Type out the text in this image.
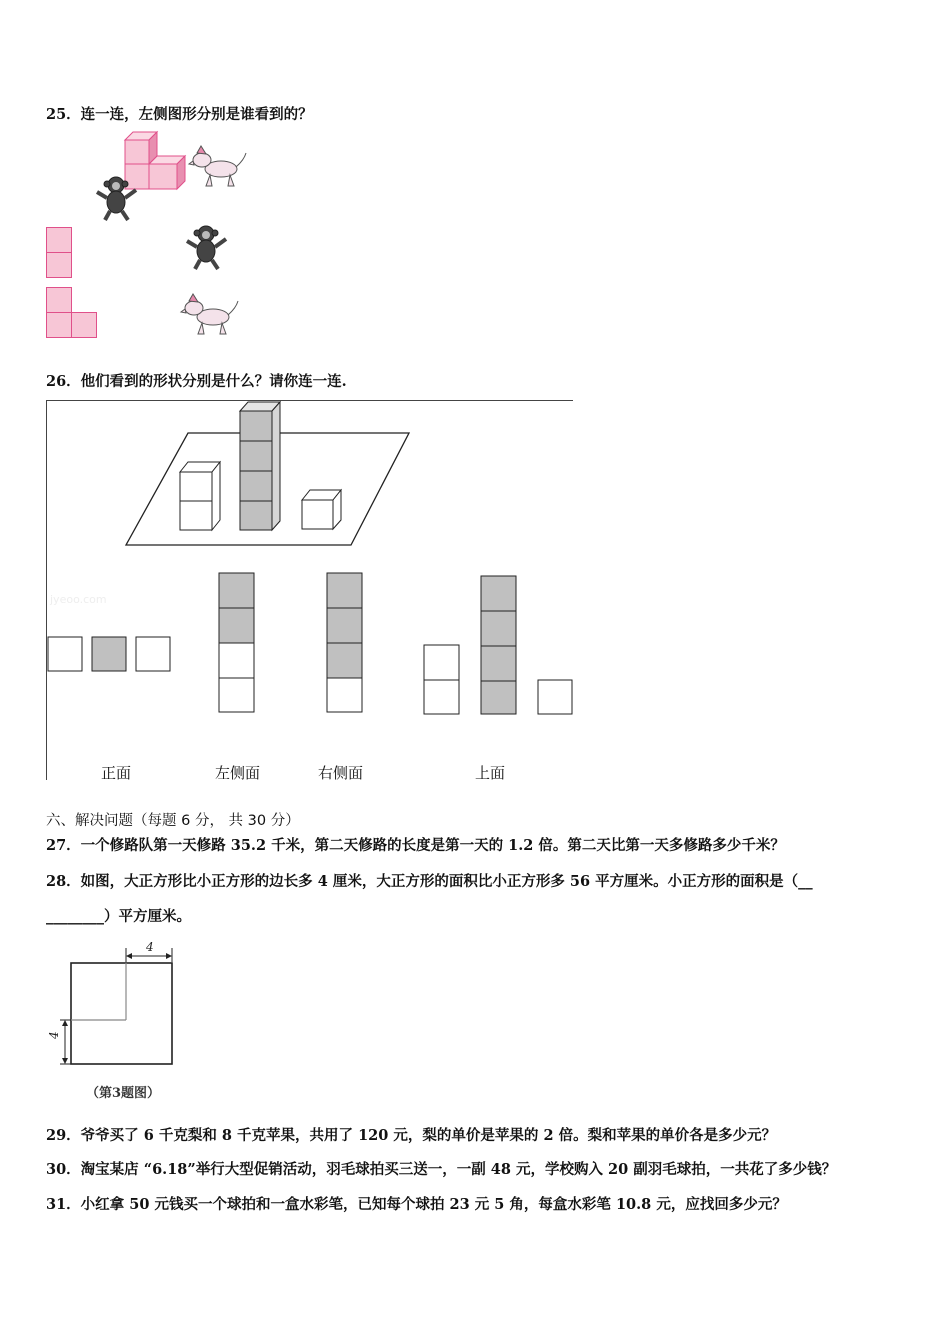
25．连一连，左侧图形分别是谁看到的？
26．他们看到的形状分别是什么？请你连一连.
jyeoo.com
正面	左侧面	右侧面	上面
六、解决问题（每题 6 分， 共 30 分）
27．一个修路队第一天修路 35.2 千米，第二天修路的长度是第一天的 1.2 倍。第二天比第一天多修路多少千米？
28．如图，大正方形比小正方形的边长多 4 厘米，大正方形的面积比小正方形多 56 平方厘米。小正方形的面积是（__
________）平方厘米。
4
4
（第3题图）
29．爷爷买了 6 千克梨和 8 千克苹果，共用了 120 元，梨的单价是苹果的 2 倍。梨和苹果的单价各是多少元？
30．淘宝某店 “6.18”举行大型促销活动，羽毛球拍买三送一，一副 48 元，学校购入 20 副羽毛球拍，一共花了多少钱？
31．小红拿 50 元钱买一个球拍和一盒水彩笔，已知每个球拍 23 元 5 角，每盒水彩笔 10.8 元，应找回多少元？
